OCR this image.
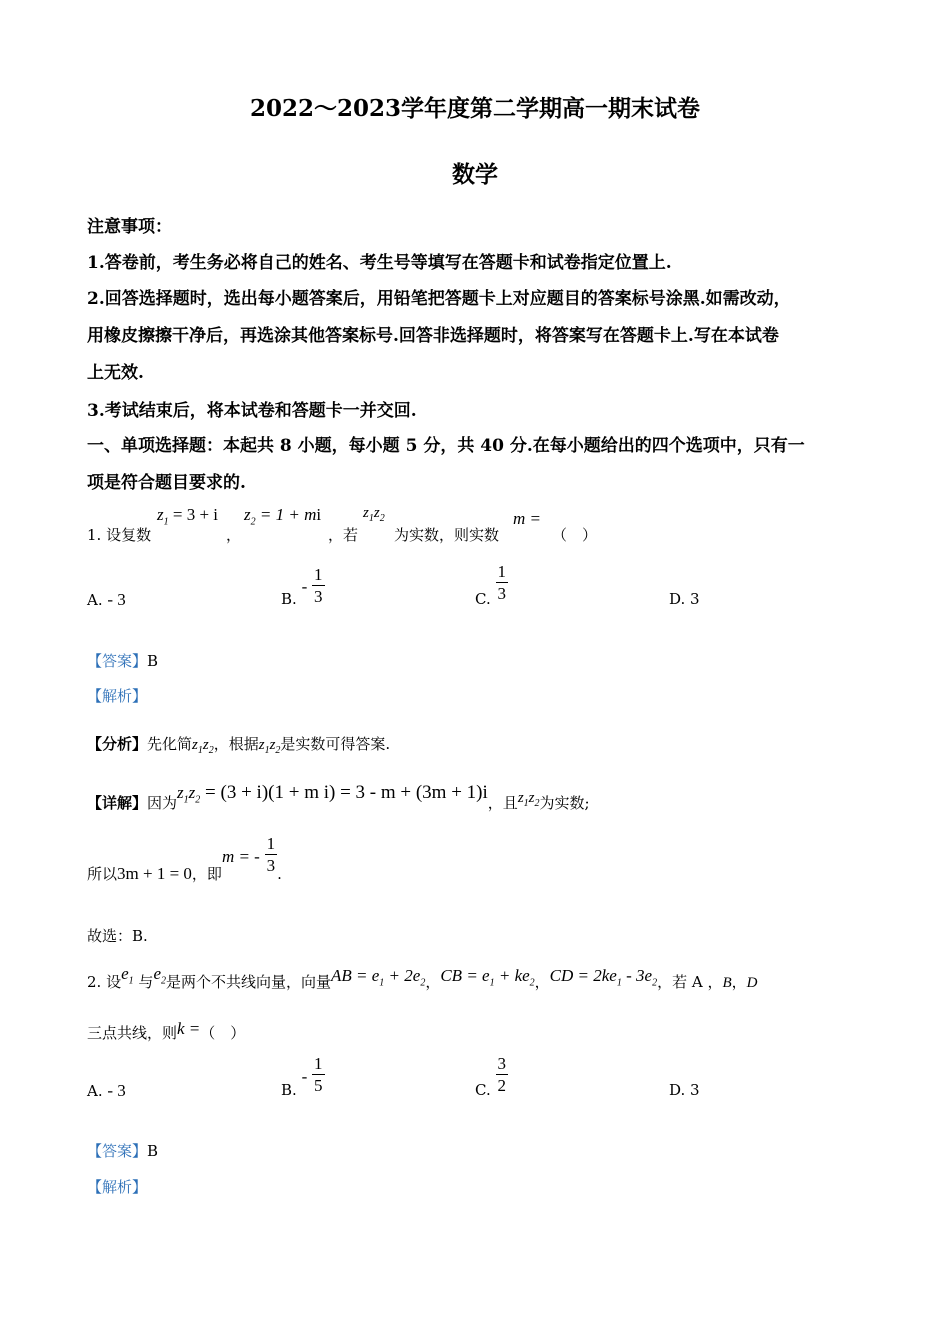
2022～2023学年度第二学期高一期末试卷
数学
注意事项：
1.答卷前，考生务必将自己的姓名、考生号等填写在答题卡和试卷指定位置上.
2.回答选择题时，选出每小题答案后，用铅笔把答题卡上对应题目的答案标号涂黑.如需改动，
用橡皮擦擦干净后，再选涂其他答案标号.回答非选择题时，将答案写在答题卡上.写在本试卷
上无效.
3.考试结束后，将本试卷和答题卡一并交回.
一、单项选择题：本起共 8 小题，每小题 5 分，共 40 分.在每小题给出的四个选项中，只有一
项是符合题目要求的.
1. 设复数
$z_1 = 3 + i$
，
$z_2 = 1$ + mi
，若
$z_1z_2$
为实数，则实数
m =
（　）
A. - 3	B. - $\frac{1}{3}$	C. $\frac{1}{3}$	D. 3
【答案】B
【解析】
【分析】先化简$z_1z_2$，根据$z_1z_2$是实数可得答案.
【详解】因为$z_1z_2 = (3 + i)(1 + m$ i) = 3 - m + (3m + 1)i，且$z_1z_2$为实数;
所以3m + 1 = 0，即m = - $\frac{1}{3}$ .
故选：B.
2. 设$e_1$ 与$e_2$是两个不共线向量，向量AB = $e_1 + 2e_2$，CB = $e_1 + ke_2$，CD = $2ke_1 - 3e_2$，若 A ，B，D
三点共线，则k =（　）
A. - 3	B. - $\frac{1}{5}$	C. $\frac{3}{2}$	D. 3
【答案】B
【解析】
